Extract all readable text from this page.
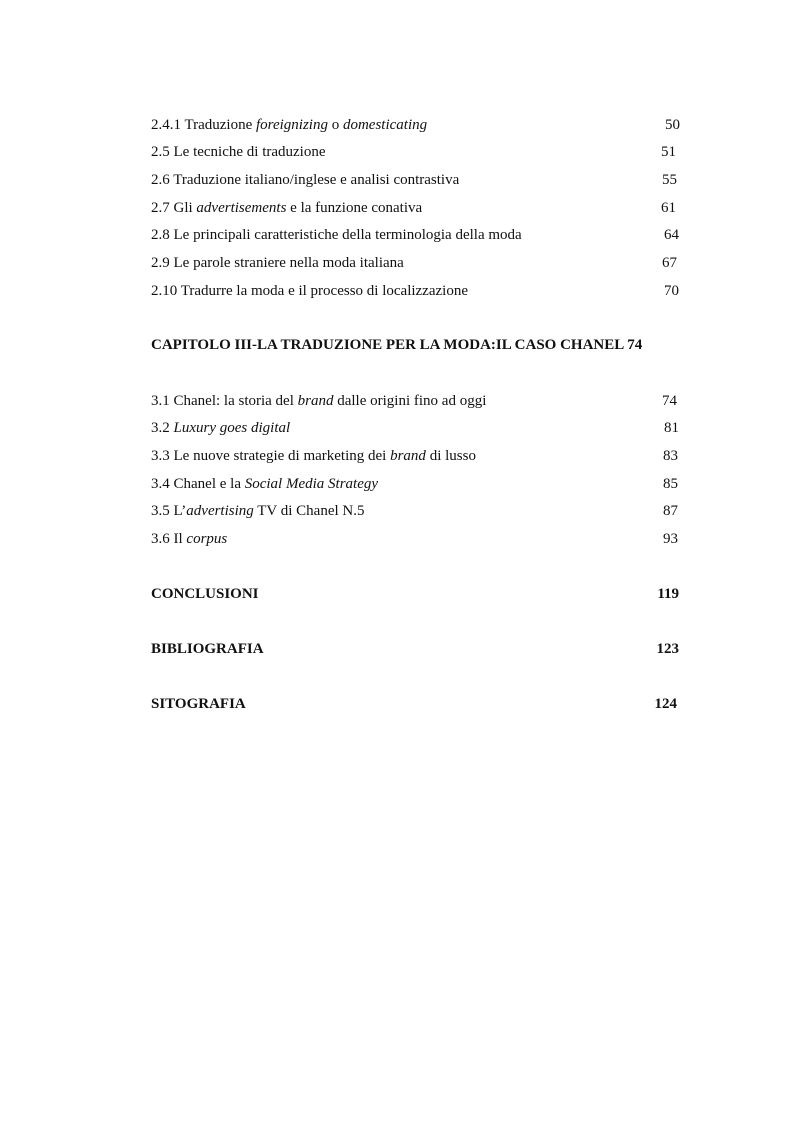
2.4.1 Traduzione foreignizing o domesticating	50
2.5 Le tecniche di traduzione	51
2.6 Traduzione italiano/inglese e analisi contrastiva	55
2.7 Gli advertisements e la funzione conativa	61
2.8 Le principali caratteristiche della terminologia della moda	64
2.9 Le parole straniere nella moda italiana	67
2.10 Tradurre la moda e il processo di localizzazione	70
CAPITOLO III-LA TRADUZIONE PER LA MODA:IL CASO CHANEL 74
3.1 Chanel: la storia del brand dalle origini fino ad oggi	74
3.2 Luxury goes digital	81
3.3 Le nuove strategie di marketing dei brand di lusso	83
3.4 Chanel e la Social Media Strategy	85
3.5 L’advertising TV di Chanel N.5	87
3.6 Il corpus	93
CONCLUSIONI	119
BIBLIOGRAFIA	123
SITOGRAFIA	124
